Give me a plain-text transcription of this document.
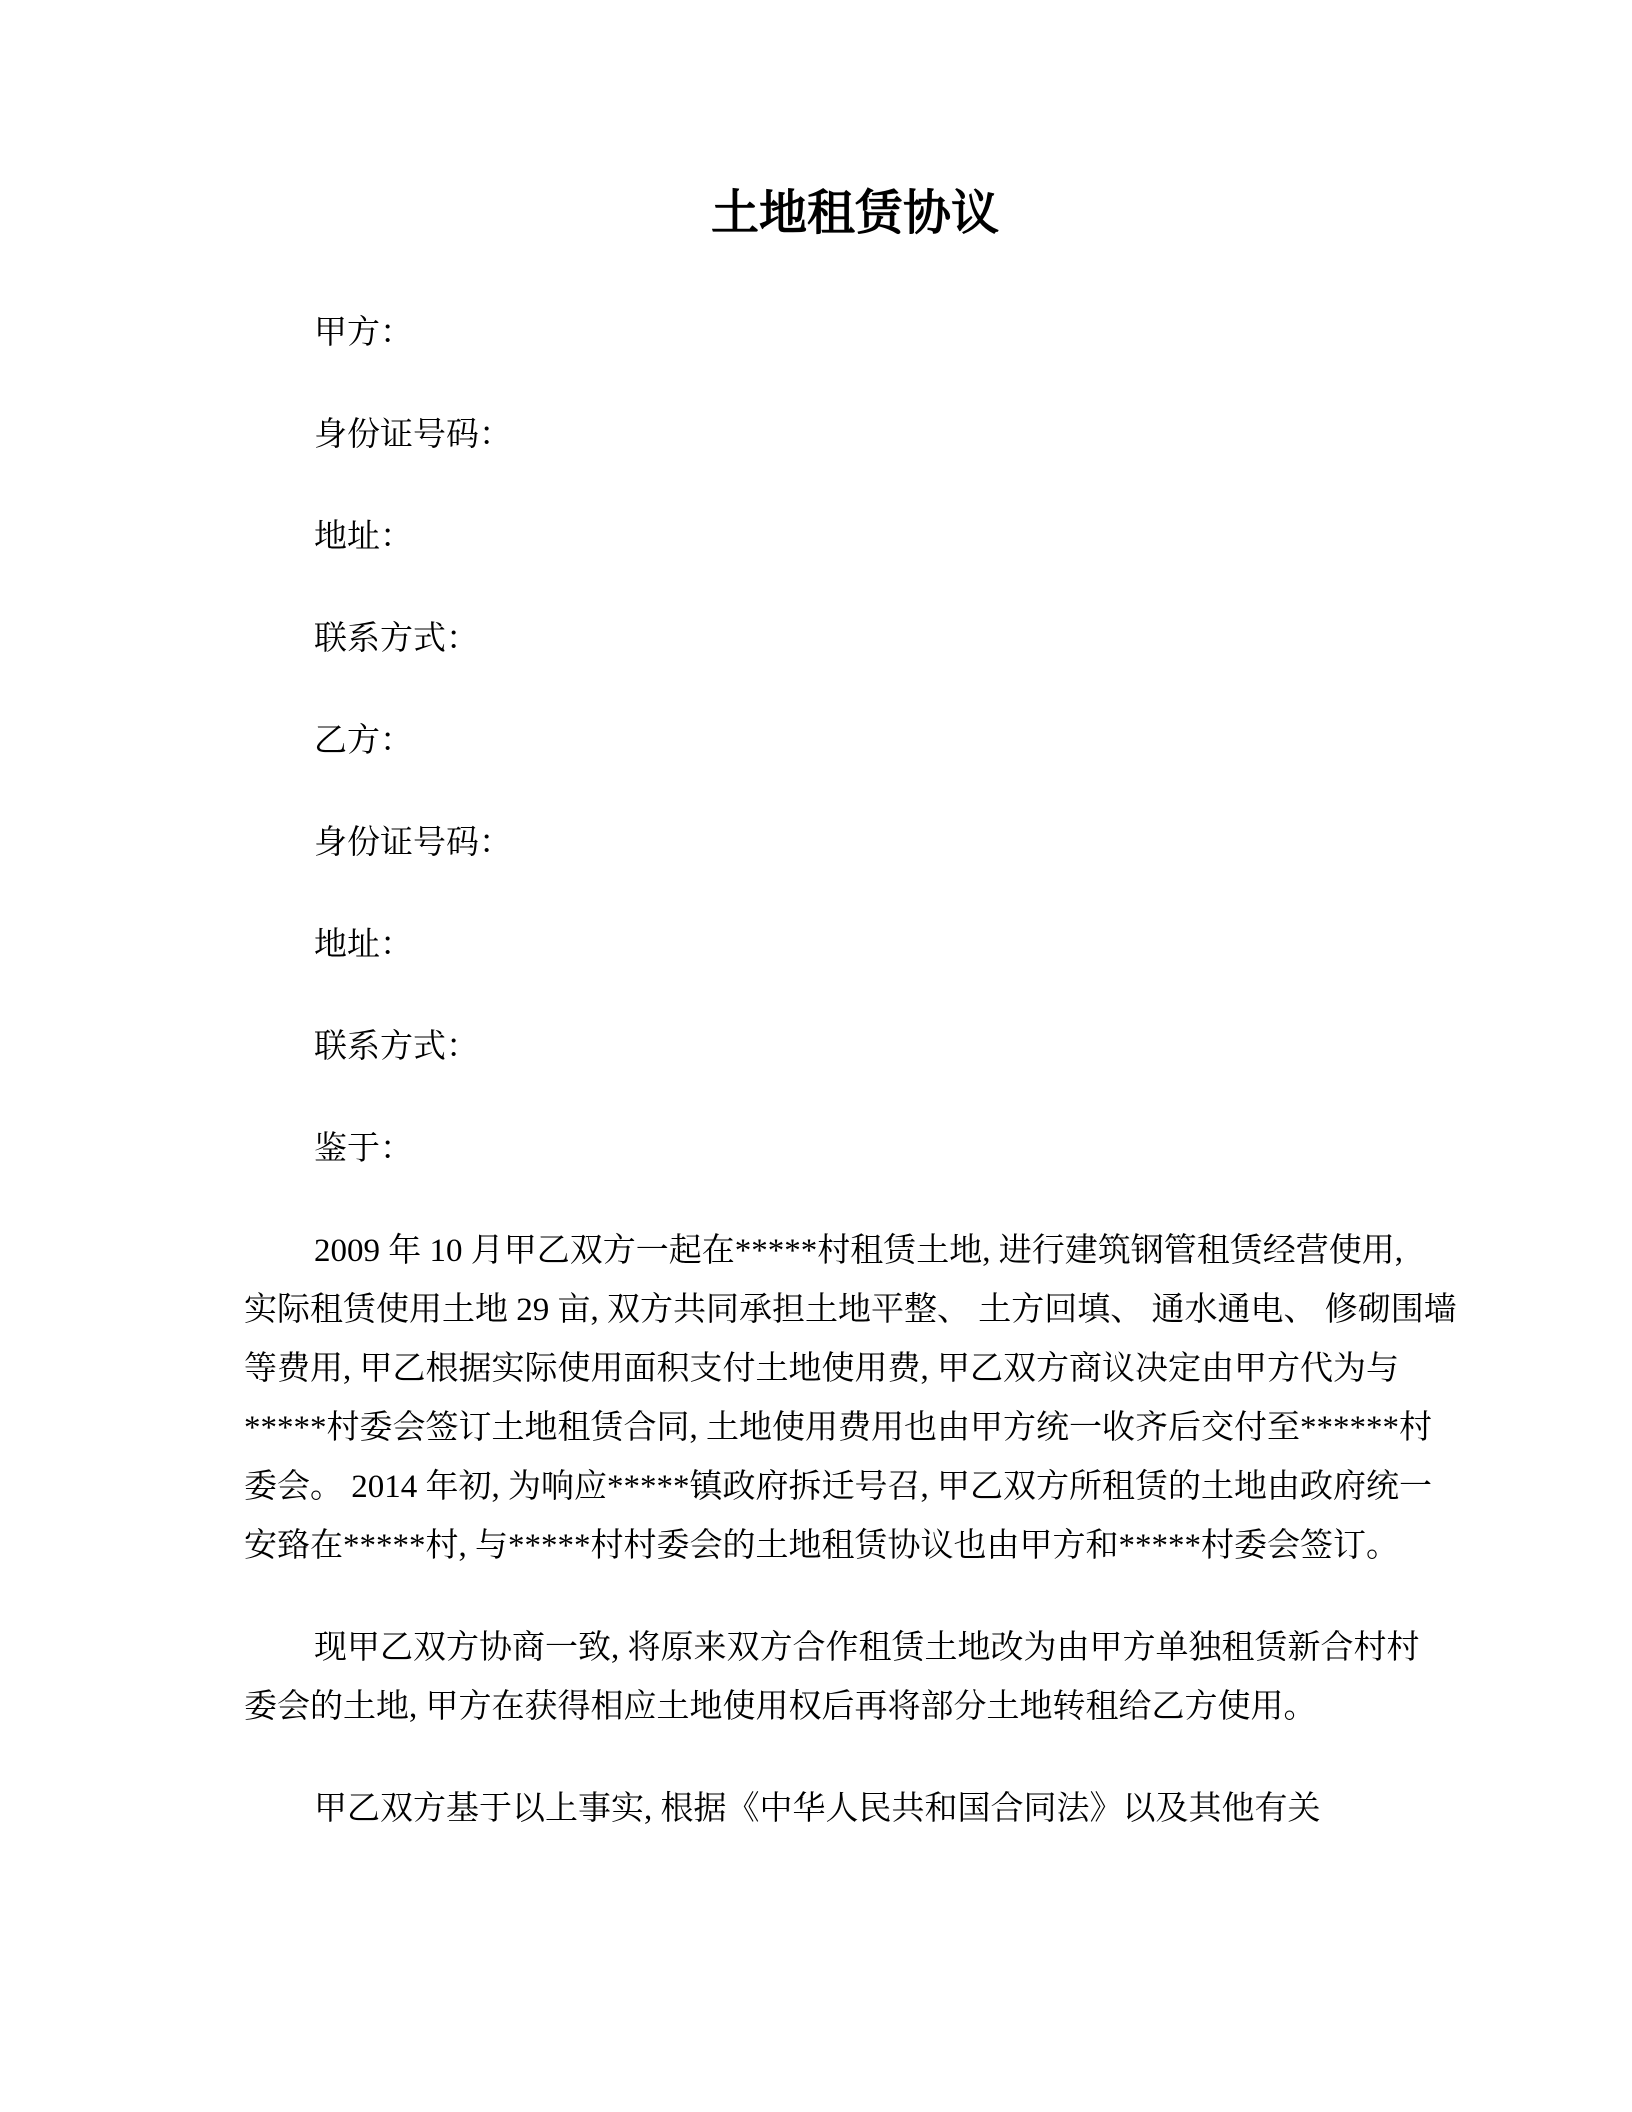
土地租赁协议
甲方：
身份证号码：
地址：
联系方式：
乙方：
身份证号码：
地址：
联系方式：
鉴于：
2009 年 10 月甲乙双方一起在*****村租赁土地, 进行建筑钢管租赁经营使用,
实际租赁使用土地 29 亩, 双方共同承担土地平整、 土方回填、 通水通电、 修砌围墙
等费用, 甲乙根据实际使用面积支付土地使用费, 甲乙双方商议决定由甲方代为与
*****村委会签订土地租赁合同, 土地使用费用也由甲方统一收齐后交付至******村
委会。 2014 年初, 为响应*****镇政府拆迁号召, 甲乙双方所租赁的土地由政府统一
安臵在*****村, 与*****村村委会的土地租赁协议也由甲方和*****村委会签订。
现甲乙双方协商一致, 将原来双方合作租赁土地改为由甲方单独租赁新合村村
委会的土地, 甲方在获得相应土地使用权后再将部分土地转租给乙方使用。
甲乙双方基于以上事实, 根据《中华人民共和国合同法》以及其他有关
